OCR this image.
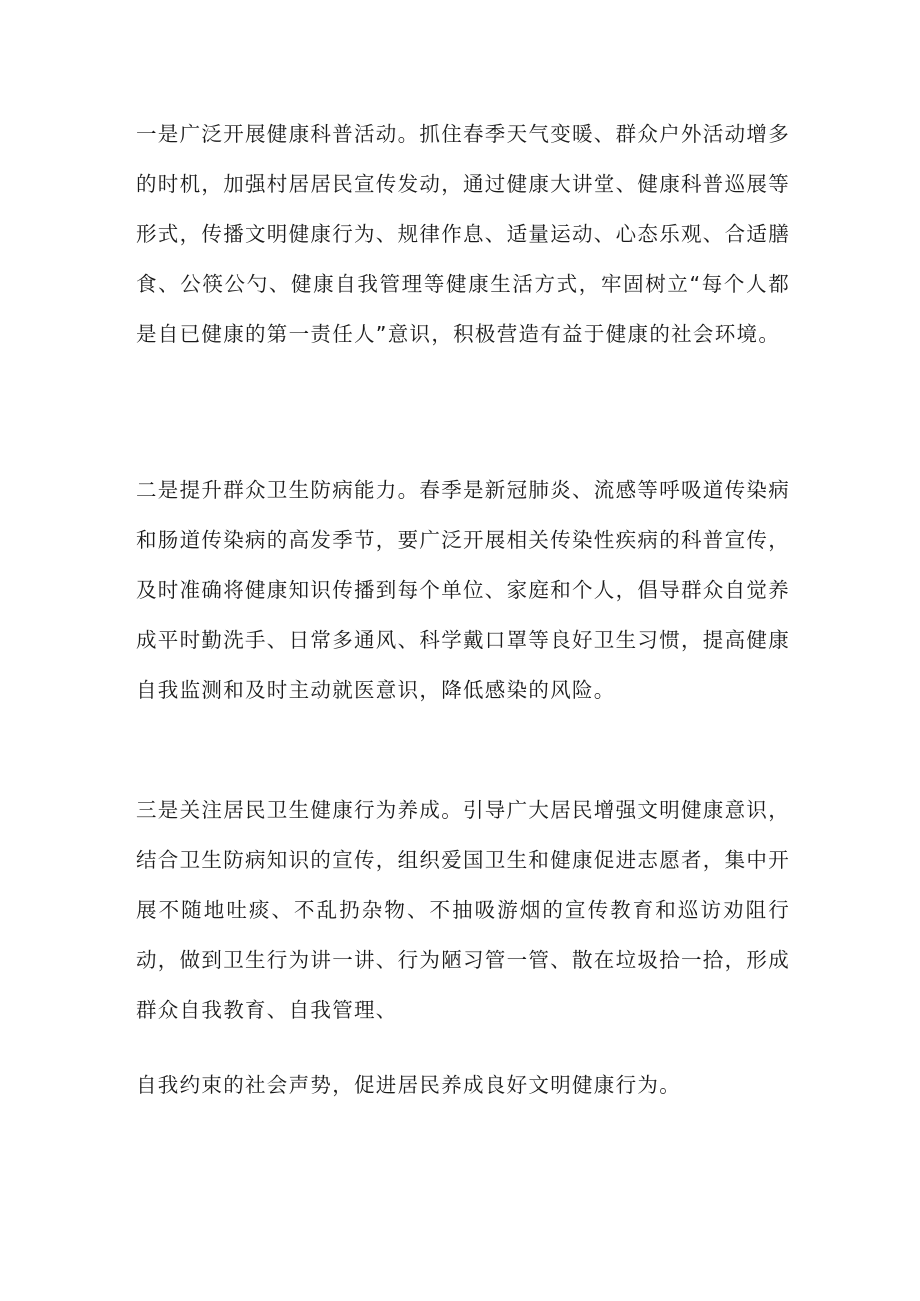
一是广泛开展健康科普活动。抓住春季天气变暖、群众户外活动增多的时机，加强村居居民宣传发动，通过健康大讲堂、健康科普巡展等形式，传播文明健康行为、规律作息、适量运动、心态乐观、合适膳食、公筷公勺、健康自我管理等健康生活方式，牢固树立“每个人都是自已健康的第一责任人”意识，积极营造有益于健康的社会环境。

二是提升群众卫生防病能力。春季是新冠肺炎、流感等呼吸道传染病和肠道传染病的高发季节，要广泛开展相关传染性疾病的科普宣传，及时准确将健康知识传播到每个单位、家庭和个人，倡导群众自觉养成平时勤洗手、日常多通风、科学戴口罩等良好卫生习惯，提高健康自我监测和及时主动就医意识，降低感染的风险。

三是关注居民卫生健康行为养成。引导广大居民增强文明健康意识，结合卫生防病知识的宣传，组织爱国卫生和健康促进志愿者，集中开展不随地吐痰、不乱扔杂物、不抽吸游烟的宣传教育和巡访劝阻行动，做到卫生行为讲一讲、行为陋习管一管、散在垃圾拾一拾，形成群众自我教育、自我管理、

自我约束的社会声势，促进居民养成良好文明健康行为。
